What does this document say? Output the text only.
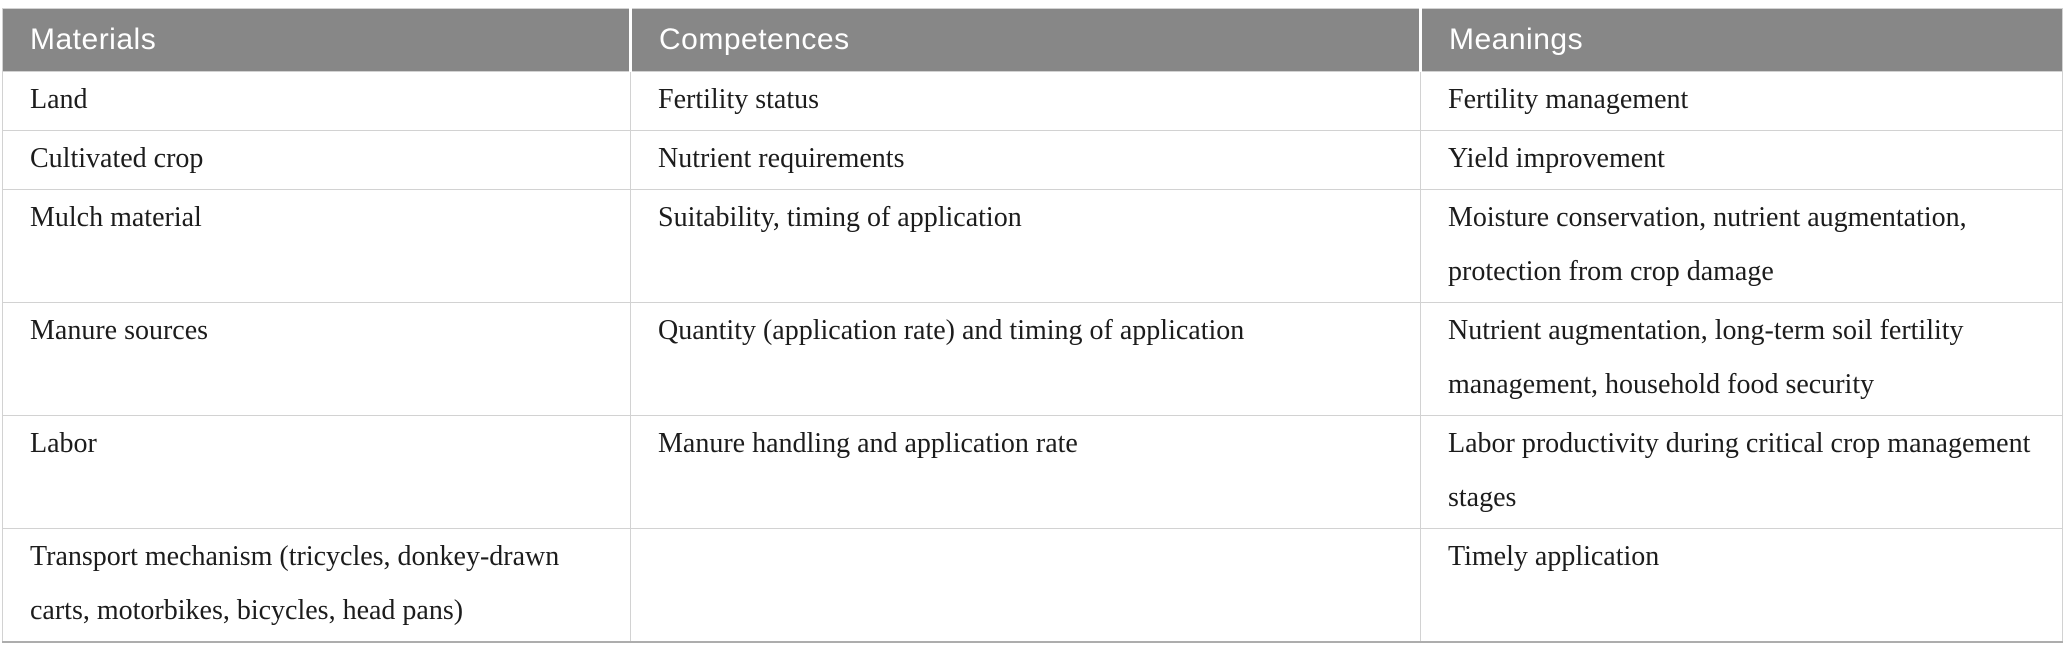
Materials	Competences	Meanings
Land	Fertility status	Fertility management
Cultivated crop	Nutrient requirements	Yield improvement
Mulch material	Suitability, timing of application	Moisture conservation, nutrient augmentation, protection from crop damage
Manure sources	Quantity (application rate) and timing of application	Nutrient augmentation, long-term soil fertility management, household food security
Labor	Manure handling and application rate	Labor productivity during critical crop management stages
Transport mechanism (tricycles, donkey-drawn carts, motorbikes, bicycles, head pans)		Timely application
